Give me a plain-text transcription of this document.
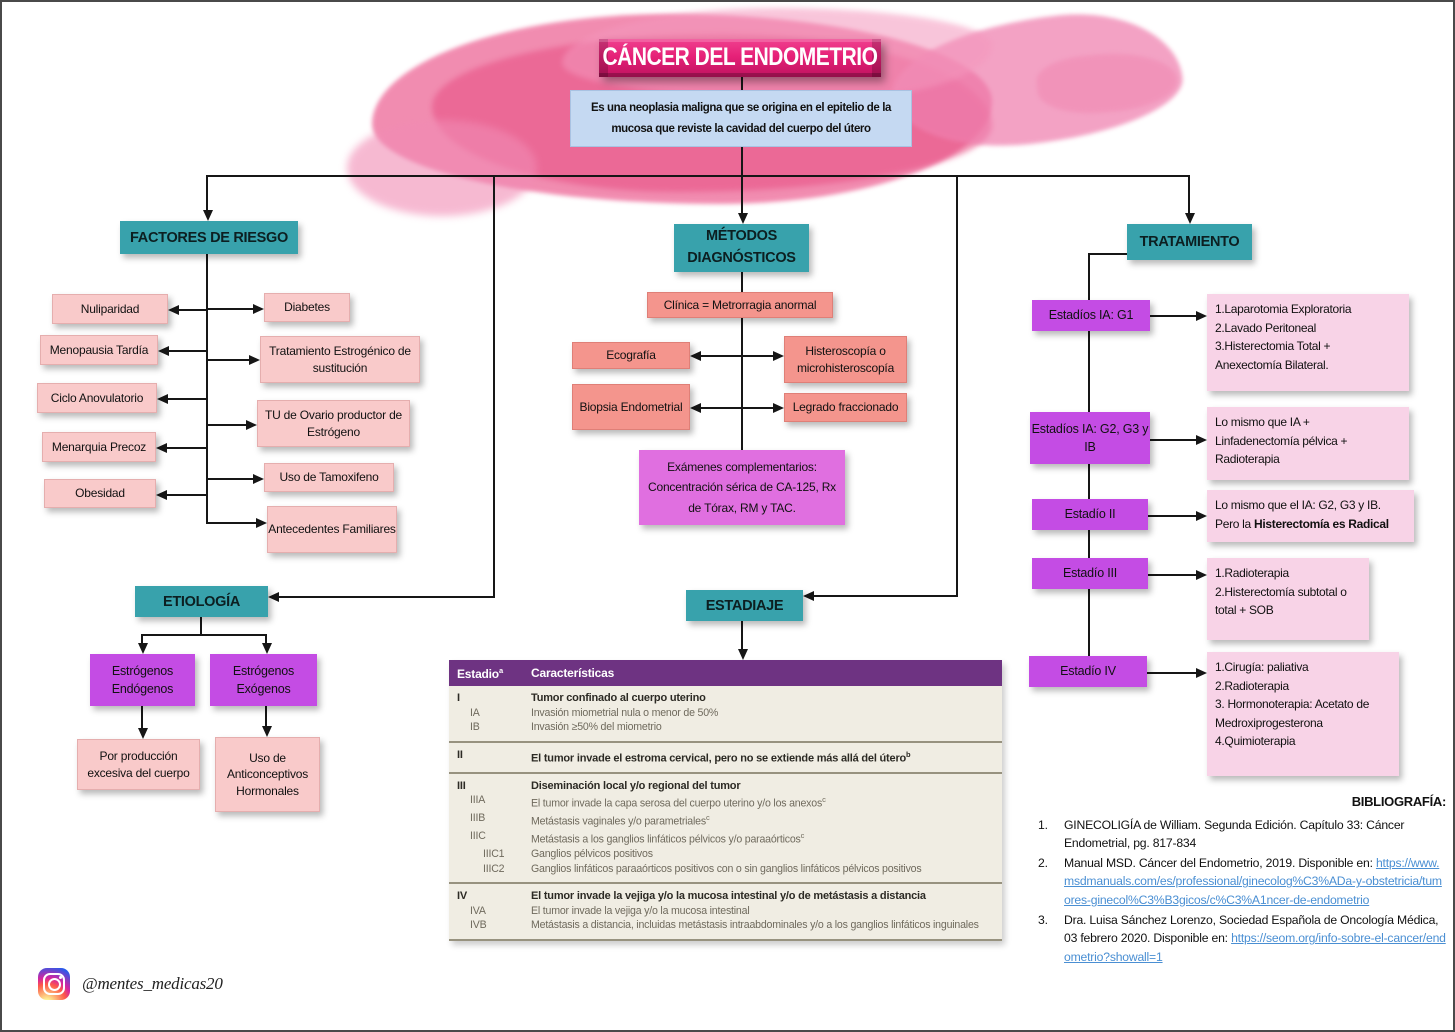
CÁNCER DEL ENDOMETRIO
Es una neoplasia maligna que se origina en el epitelio de la mucosa que reviste la cavidad del cuerpo del útero
FACTORES DE RIESGO	MÉTODOS DIAGNÓSTICOS
TRATAMIENTO
ETIOLOGÍA	ESTADIAJE
Clínica = Metrorragia anormal
Ecografía
Biopsia Endometrial
Histeroscopía o microhisteroscopía
Legrado fraccionado
Exámenes complementarios: Concentración sérica de CA-125, Rx de Tórax, RM y TAC.
Estrógenos Endógenos
Estrógenos Exógenos
Por producción excesiva del cuerpo
Uso de Anticonceptivos Hormonales
Estadio$^a$	Características
I	Tumor confinado al cuerpo uterino
IA	Invasión miometrial nula o menor de 50%
IB	Invasión ≥50% del miometrio
II	El tumor invade el estroma cervical, pero no se extiende más allá del útero$^b$
III	Diseminación local y/o regional del tumor
IIIA	El tumor invade la capa serosa del cuerpo uterino y/o los anexos$^c$
IIIB	Metástasis vaginales y/o parametriales$^c$
IIIC	Metástasis a los ganglios linfáticos pélvicos y/o paraaórticos$^c$
IIIC1	Ganglios pélvicos positivos
IIIC2	Ganglios linfáticos paraaórticos positivos con o sin ganglios linfáticos pélvicos positivos
IV	El tumor invade la vejiga y/o la mucosa intestinal y/o de metástasis a distancia
IVA	El tumor invade la vejiga y/o la mucosa intestinal
IVB	Metástasis a distancia, incluidas metástasis intraabdominales y/o a los ganglios linfáticos inguinales
BIBLIOGRAFÍA:
1.	GINECOLIGÍA de William. Segunda Edición. Capítulo 33: Cáncer Endometrial, pg. 817-834
2.	Manual MSD. Cáncer del Endometrio, 2019. Disponible en: https://www.msdmanuals.com/es/professional/ginecolog%C3%ADa-y-obstetricia/tumores-ginecol%C3%B3gicos/c%C3%A1ncer-de-endometrio
3.	Dra. Luisa Sánchez Lorenzo, Sociedad Española de Oncología Médica, 03 febrero 2020. Disponible en: https://seom.org/info-sobre-el-cancer/endometrio?showall=1
@mentes_medicas20
Nuliparidad
Menopausia Tardía
Ciclo Anovulatorio
Menarquia Precoz
Obesidad
Diabetes
Tratamiento Estrogénico de sustitución
TU de Ovario productor de Estrógeno
Uso de Tamoxifeno
Antecedentes Familiares
Estadíos IA: G1	1.Laparotomia Exploratoria
2.Lavado Peritoneal
3.Histerectomia Total +
Anexectomía Bilateral.
Estadíos IA: G2, G3 y IB
Lo mismo que IA +
Linfadenectomía pélvica +
Radioterapia
Estadío II
Lo mismo que el IA: G2, G3 y IB.
Pero la Histerectomía es Radical
Estadío III	1.Radioterapia
2.Histerectomía subtotal o
total + SOB
Estadío IV	1.Cirugía: paliativa
2.Radioterapia
3. Hormonoterapia: Acetato de
Medroxiprogesterona
4.Quimioterapia
